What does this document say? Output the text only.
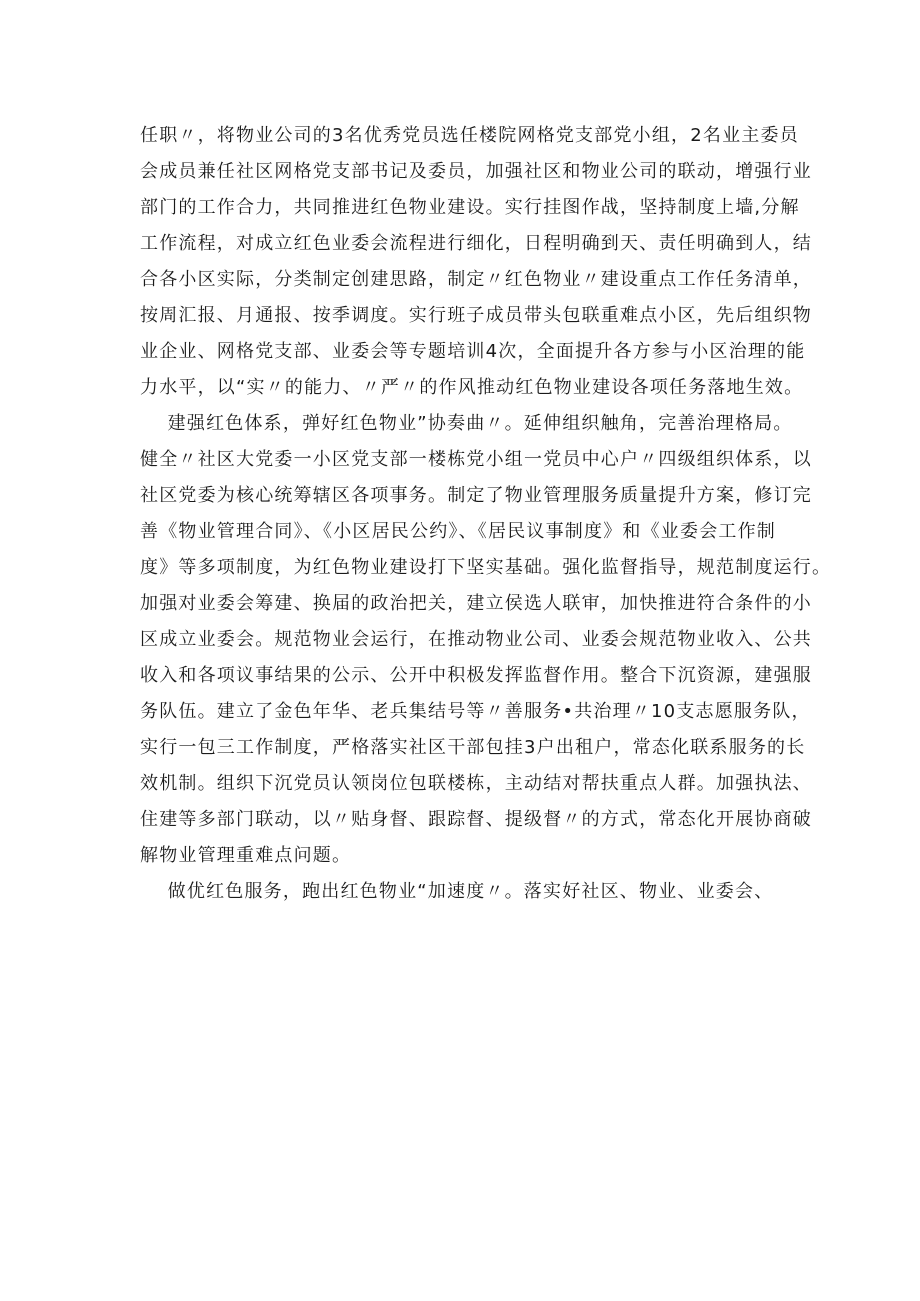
任职〃，将物业公司的3名优秀党员选任楼院网格党支部党小组，2名业主委员
会成员兼任社区网格党支部书记及委员，加强社区和物业公司的联动，增强行业
部门的工作合力，共同推进红色物业建设。实行挂图作战，坚持制度上墙,分解
工作流程，对成立红色业委会流程进行细化，日程明确到天、责任明确到人，结
合各小区实际，分类制定创建思路，制定〃红色物业〃建设重点工作任务清单，
按周汇报、月通报、按季调度。实行班子成员带头包联重难点小区，先后组织物
业企业、网格党支部、业委会等专题培训4次，全面提升各方参与小区治理的能
力水平，以“实〃的能力、〃严〃的作风推动红色物业建设各项任务落地生效。
建强红色体系，弹好红色物业”协奏曲〃。延伸组织触角，完善治理格局。
健全〃社区大党委一小区党支部一楼栋党小组一党员中心户〃四级组织体系，以
社区党委为核心统筹辖区各项事务。制定了物业管理服务质量提升方案，修订完
善《物业管理合同》、《小区居民公约》、《居民议事制度》和《业委会工作制
度》等多项制度，为红色物业建设打下坚实基础。强化监督指导，规范制度运行。
加强对业委会筹建、换届的政治把关，建立侯选人联审，加快推进符合条件的小
区成立业委会。规范物业会运行，在推动物业公司、业委会规范物业收入、公共
收入和各项议事结果的公示、公开中积极发挥监督作用。整合下沉资源，建强服
务队伍。建立了金色年华、老兵集结号等〃善服务•共治理〃10支志愿服务队，
实行一包三工作制度，严格落实社区干部包挂3户出租户，常态化联系服务的长
效机制。组织下沉党员认领岗位包联楼栋，主动结对帮扶重点人群。加强执法、
住建等多部门联动，以〃贴身督、跟踪督、提级督〃的方式，常态化开展协商破
解物业管理重难点问题。
做优红色服务，跑出红色物业“加速度〃。落实好社区、物业、业委会、
